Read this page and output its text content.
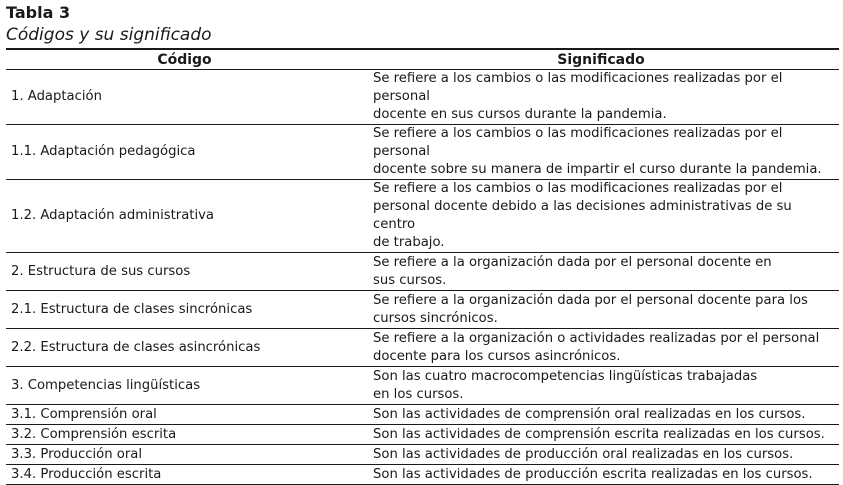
Tabla 3
Códigos y su significado
Código	Significado
1. Adaptación	Se refiere a los cambios o las modificaciones realizadas por el personal
docente en sus cursos durante la pandemia.

1.1. Adaptación pedagógica	Se refiere a los cambios o las modificaciones realizadas por el personal
docente sobre su manera de impartir el curso durante la pandemia.

1.2. Adaptación administrativa	Se refiere a los cambios o las modificaciones realizadas por el
personal docente debido a las decisiones administrativas de su centro
de trabajo.

2. Estructura de sus cursos	Se refiere a la organización dada por el personal docente en
sus cursos.

2.1. Estructura de clases sincrónicas	Se refiere a la organización dada por el personal docente para los
cursos sincrónicos.

2.2. Estructura de clases asincrónicas	Se refiere a la organización o actividades realizadas por el personal
docente para los cursos asincrónicos.

3. Competencias lingüísticas	Son las cuatro macrocompetencias lingüísticas trabajadas
en los cursos.

3.1. Comprensión oral	Son las actividades de comprensión oral realizadas en los cursos.

3.2. Comprensión escrita	Son las actividades de comprensión escrita realizadas en los cursos.

3.3. Producción oral	Son las actividades de producción oral realizadas en los cursos.

3.4. Producción escrita	Son las actividades de producción escrita realizadas en los cursos.
